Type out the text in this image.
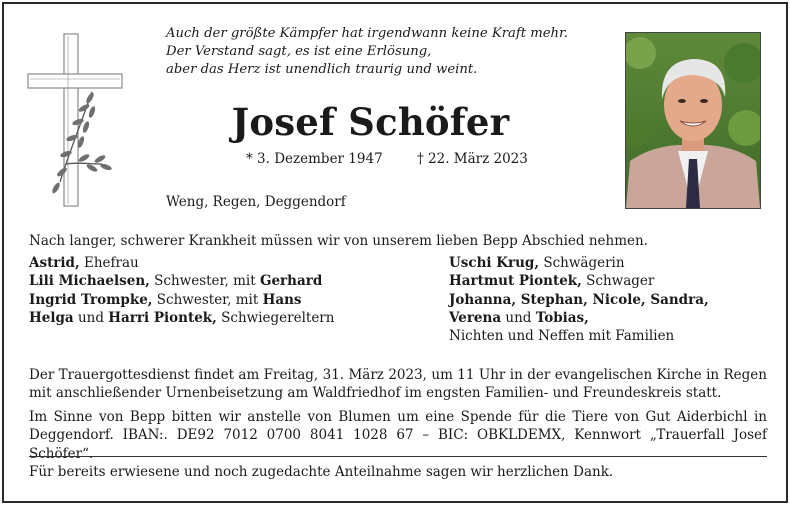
Auch der größte Kämpfer hat irgendwann keine Kraft mehr.
Der Verstand sagt, es ist eine Erlösung,
aber das Herz ist unendlich traurig und weint.
Josef Schöfer
* 3. Dezember 1947	† 22. März 2023
Weng, Regen, Deggendorf
Nach langer, schwerer Krankheit müssen wir von unserem lieben Bepp Abschied nehmen.
Astrid, Ehefrau
Lili Michaelsen, Schwester, mit Gerhard
Ingrid Trompke, Schwester, mit Hans
Helga und Harri Piontek, Schwiegereltern
Uschi Krug, Schwägerin
Hartmut Piontek, Schwager
Johanna, Stephan, Nicole, Sandra,
Verena und Tobias,
Nichten und Neffen mit Familien
Der Trauergottesdienst findet am Freitag, 31. März 2023, um 11 Uhr in der evangelischen Kirche in Regen mit anschließender Urnenbeisetzung am Waldfriedhof im engsten Familien- und Freundeskreis statt.
Im Sinne von Bepp bitten wir anstelle von Blumen um eine Spende für die Tiere von Gut Aiderbichl in Deggendorf. IBAN:. DE92 7012 0700 8041 1028 67 – BIC: OBKLDEMX, Kennwort „Trauerfall Josef Schöfer“.
Für bereits erwiesene und noch zugedachte Anteilnahme sagen wir herzlichen Dank.
